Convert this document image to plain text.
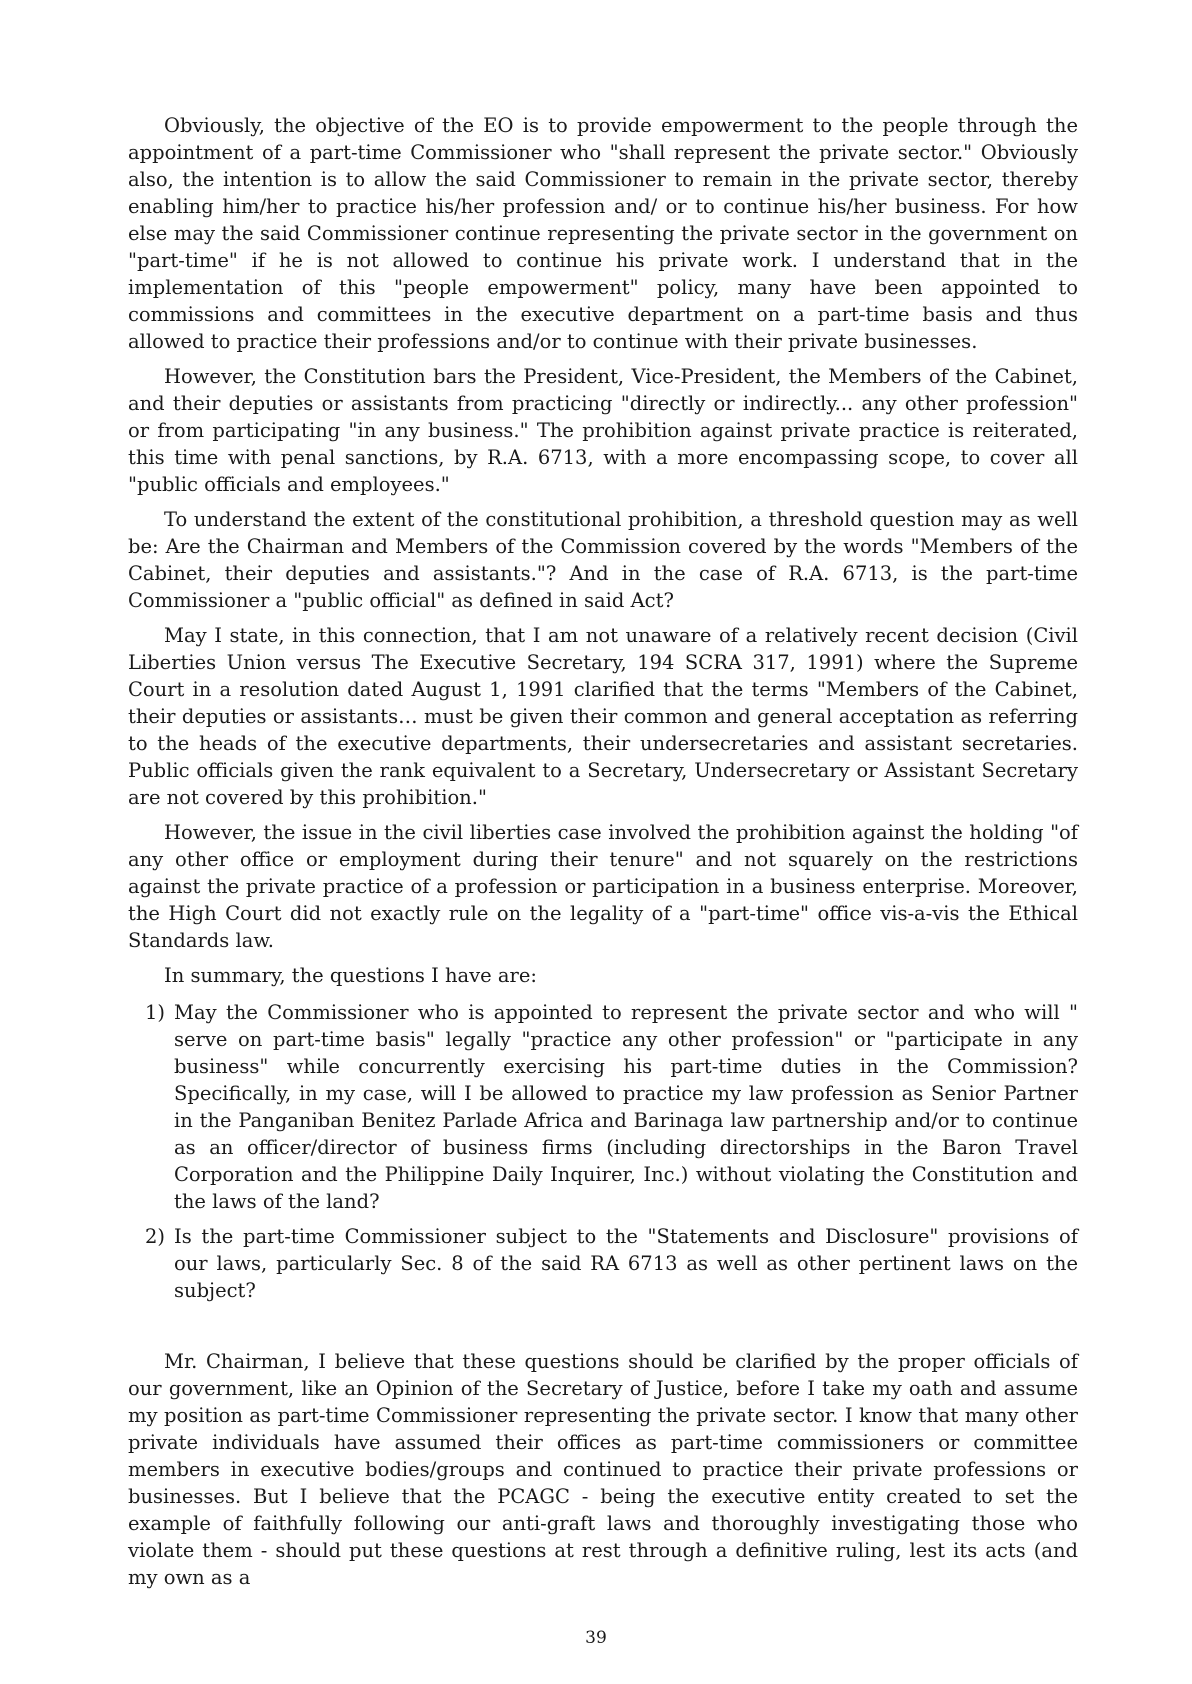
Obviously, the objective of the EO is to provide empowerment to the people through the appointment of a part-time Commissioner who "shall represent the private sector." Obviously also, the intention is to allow the said Commissioner to remain in the private sector, thereby enabling him/her to practice his/her profession and/ or to continue his/her business. For how else may the said Commissioner continue representing the private sector in the government on "part-time" if he is not allowed to continue his private work. I understand that in the implementation of this "people empowerment" policy, many have been appointed to commissions and committees in the executive department on a part-time basis and thus allowed to practice their professions and/or to continue with their private businesses.

However, the Constitution bars the President, Vice-President, the Members of the Cabinet, and their deputies or assistants from practicing "directly or indirectly... any other profession" or from participating "in any business." The prohibition against private practice is reiterated, this time with penal sanctions, by R.A. 6713, with a more encompassing scope, to cover all "public officials and employees."

To understand the extent of the constitutional prohibition, a threshold question may as well be: Are the Chairman and Members of the Commission covered by the words "Members of the Cabinet, their deputies and assistants."? And in the case of R.A. 6713, is the part-time Commissioner a "public official" as defined in said Act?

May I state, in this connection, that I am not unaware of a relatively recent decision (Civil Liberties Union versus The Executive Secretary, 194 SCRA 317, 1991) where the Supreme Court in a resolution dated August 1, 1991 clarified that the terms "Members of the Cabinet, their deputies or assistants… must be given their common and general acceptation as referring to the heads of the executive departments, their undersecretaries and assistant secretaries. Public officials given the rank equivalent to a Secretary, Undersecretary or Assistant Secretary are not covered by this prohibition."

However, the issue in the civil liberties case involved the prohibition against the holding "of any other office or employment during their tenure" and not squarely on the restrictions against the private practice of a profession or participation in a business enterprise. Moreover, the High Court did not exactly rule on the legality of a "part-time" office vis-a-vis the Ethical Standards law.

In summary, the questions I have are:

1) May the Commissioner who is appointed to represent the private sector and who will " serve on part-time basis" legally "practice any other profession" or "participate in any business" while concurrently exercising his part-time duties in the Commission? Specifically, in my case, will I be allowed to practice my law profession as Senior Partner in the Panganiban Benitez Parlade Africa and Barinaga law partnership and/or to continue as an officer/director of business firms (including directorships in the Baron Travel Corporation and the Philippine Daily Inquirer, Inc.) without violating the Constitution and the laws of the land?
2) Is the part-time Commissioner subject to the "Statements and Disclosure" provisions of our laws, particularly Sec. 8 of the said RA 6713 as well as other pertinent laws on the subject?

Mr. Chairman, I believe that these questions should be clarified by the proper officials of our government, like an Opinion of the Secretary of Justice, before I take my oath and assume my position as part-time Commissioner representing the private sector. I know that many other private individuals have assumed their offices as part-time commissioners or committee members in executive bodies/groups and continued to practice their private professions or businesses. But I believe that the PCAGC - being the executive entity created to set the example of faithfully following our anti-graft laws and thoroughly investigating those who violate them - should put these questions at rest through a definitive ruling, lest its acts (and my own as a

39
